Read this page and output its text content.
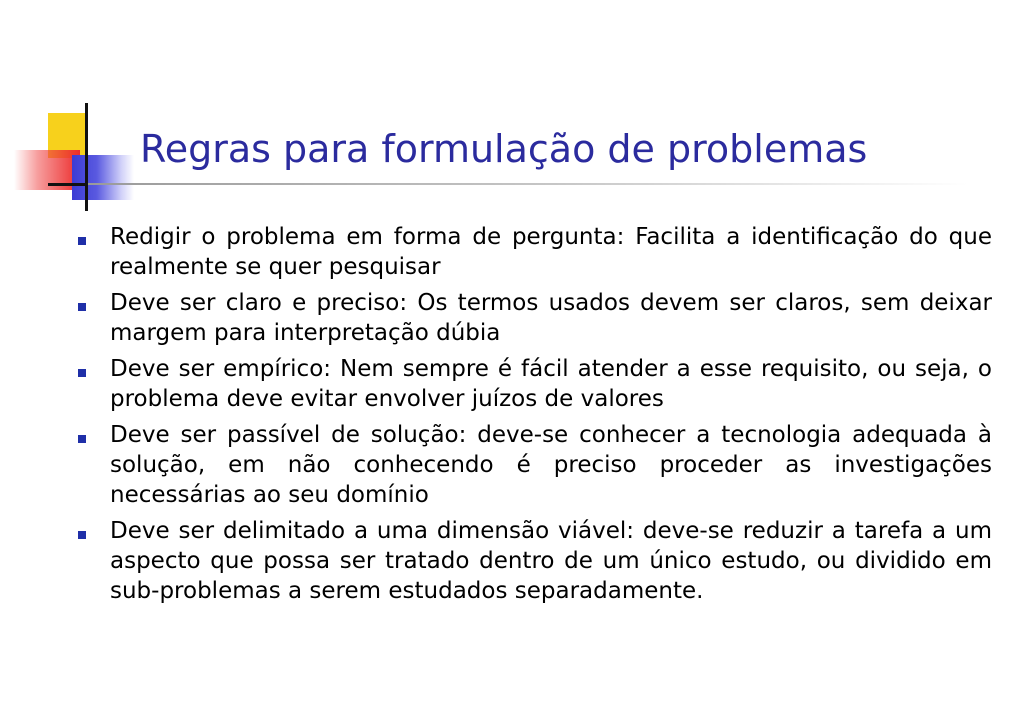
Regras para formulação de problemas
Redigir o problema em forma de pergunta: Facilita a identificação do que realmente se quer pesquisar
Deve ser claro e preciso: Os termos usados devem ser claros, sem deixar margem para interpretação dúbia
Deve ser empírico: Nem sempre é fácil atender a esse requisito, ou seja, o problema deve evitar envolver juízos de valores
Deve ser passível de solução: deve-se conhecer a tecnologia adequada à solução, em não conhecendo é preciso proceder as investigações necessárias ao seu domínio
Deve ser delimitado a uma dimensão viável: deve-se reduzir a tarefa a um aspecto que possa ser tratado dentro de um único estudo, ou dividido em sub-problemas a serem estudados separadamente.
